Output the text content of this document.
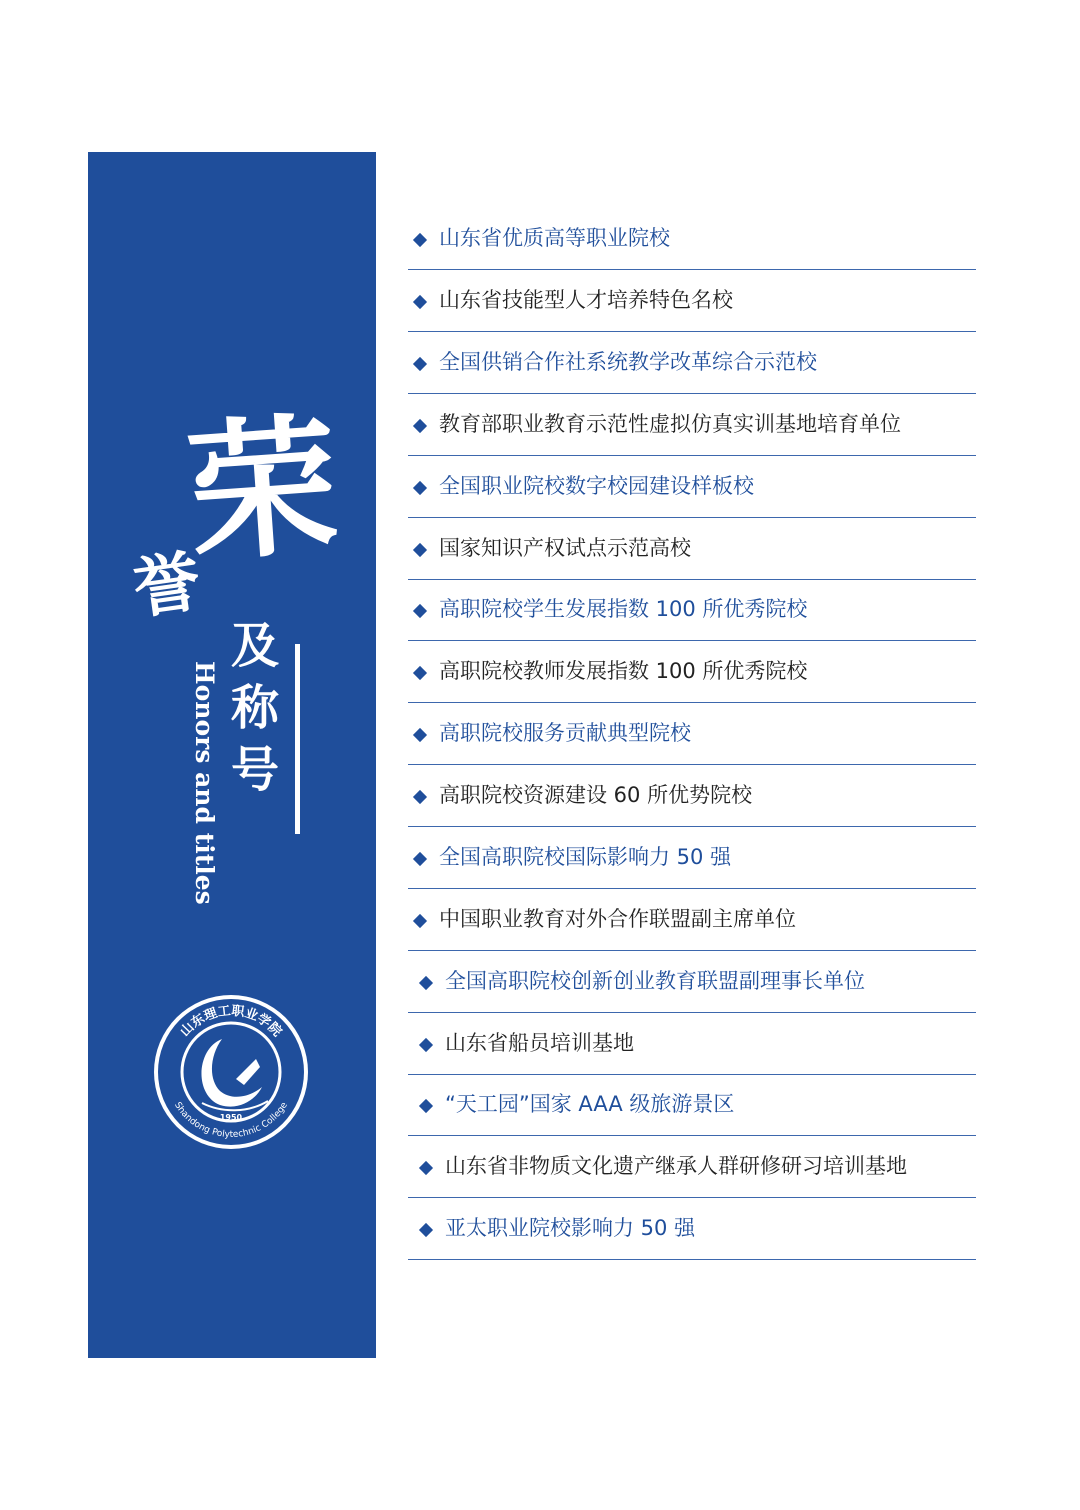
荣
誉
及称号
Honors and titles
山东理工职业学院
Shandong Polytechnic College
1950
山东省优质高等职业院校
山东省技能型人才培养特色名校
全国供销合作社系统教学改革综合示范校
教育部职业教育示范性虚拟仿真实训基地培育单位
全国职业院校数字校园建设样板校
国家知识产权试点示范高校
高职院校学生发展指数 100 所优秀院校
高职院校教师发展指数 100 所优秀院校
高职院校服务贡献典型院校
高职院校资源建设 60 所优势院校
全国高职院校国际影响力 50 强
中国职业教育对外合作联盟副主席单位
全国高职院校创新创业教育联盟副理事长单位
山东省船员培训基地
“天工园”国家 AAA 级旅游景区
山东省非物质文化遗产继承人群研修研习培训基地
亚太职业院校影响力 50 强
